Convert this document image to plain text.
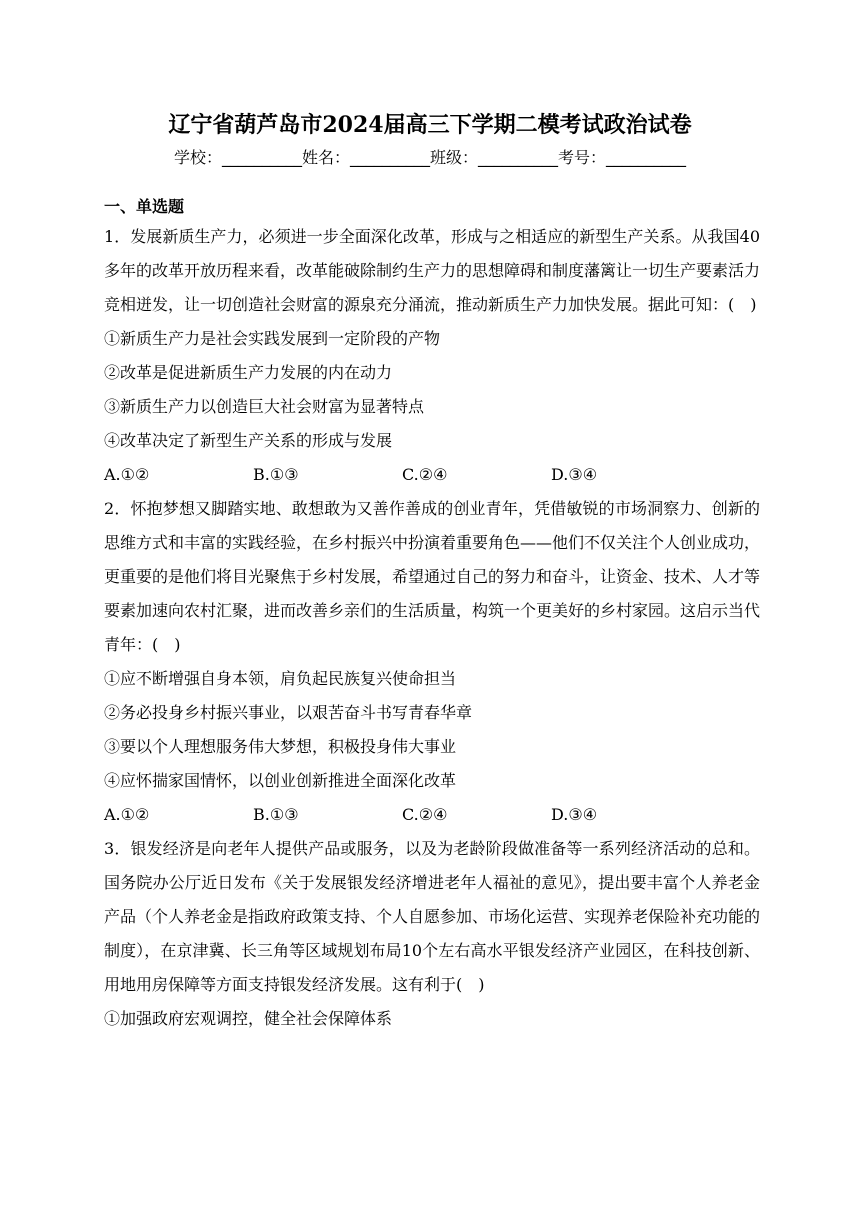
辽宁省葫芦岛市2024届高三下学期二模考试政治试卷
学校：__________姓名：__________班级：__________考号：__________
一、单选题

1．发展新质生产力，必须进一步全面深化改革，形成与之相适应的新型生产关系。从我国40多年的改革开放历程来看，改革能破除制约生产力的思想障碍和制度藩篱让一切生产要素活力竞相迸发，让一切创造社会财富的源泉充分涌流，推动新质生产力加快发展。据此可知：(　)

①新质生产力是社会实践发展到一定阶段的产物

②改革是促进新质生产力发展的内在动力

③新质生产力以创造巨大社会财富为显著特点

④改革决定了新型生产关系的形成与发展

A.①②	B.①③	C.②④	D.③④

2．怀抱梦想又脚踏实地、敢想敢为又善作善成的创业青年，凭借敏锐的市场洞察力、创新的思维方式和丰富的实践经验，在乡村振兴中扮演着重要角色——他们不仅关注个人创业成功，更重要的是他们将目光聚焦于乡村发展，希望通过自己的努力和奋斗，让资金、技术、人才等要素加速向农村汇聚，进而改善乡亲们的生活质量，构筑一个更美好的乡村家园。这启示当代青年：(　)

①应不断增强自身本领，肩负起民族复兴使命担当

②务必投身乡村振兴事业，以艰苦奋斗书写青春华章

③要以个人理想服务伟大梦想，积极投身伟大事业

④应怀揣家国情怀，以创业创新推进全面深化改革

A.①②	B.①③	C.②④	D.③④

3．银发经济是向老年人提供产品或服务，以及为老龄阶段做准备等一系列经济活动的总和。国务院办公厅近日发布《关于发展银发经济增进老年人福祉的意见》，提出要丰富个人养老金产品（个人养老金是指政府政策支持、个人自愿参加、市场化运营、实现养老保险补充功能的制度），在京津冀、长三角等区域规划布局10个左右高水平银发经济产业园区，在科技创新、用地用房保障等方面支持银发经济发展。这有利于(　)

①加强政府宏观调控，健全社会保障体系
